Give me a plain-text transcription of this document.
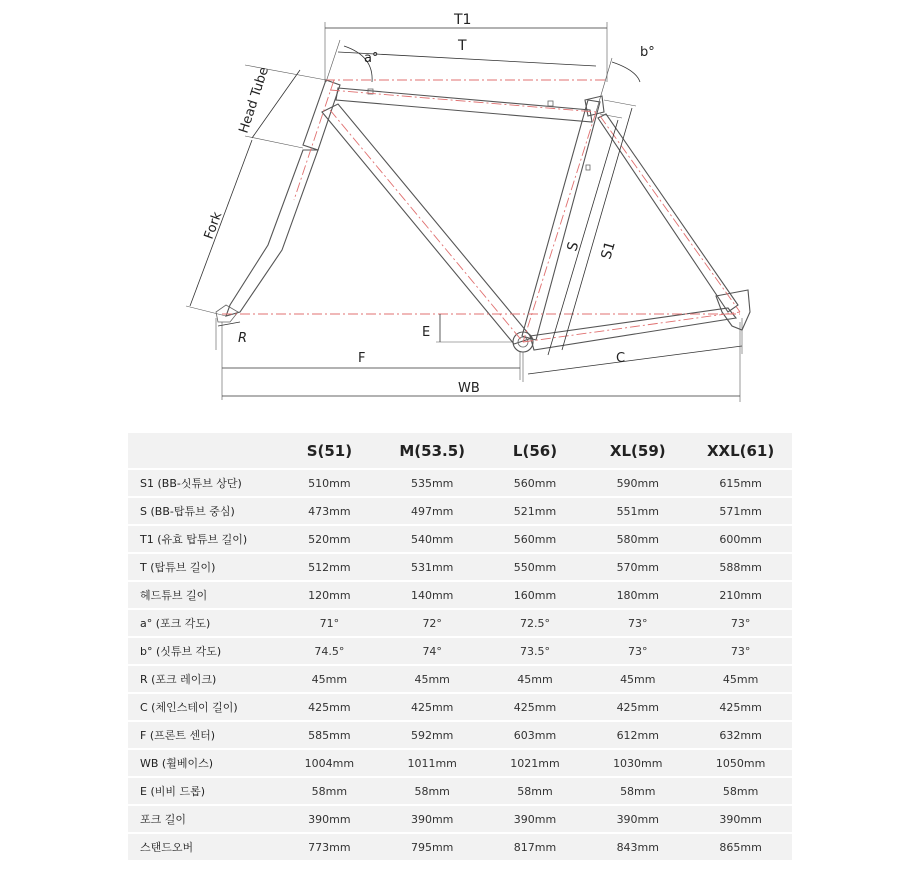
T1
T
a°	b°
Head Tube
Fork
S S1
R	E
F	C
WB
	S(51)	M(53.5)	L(56)	XL(59)	XXL(61)
S1 (BB-싯튜브 상단)	510mm	535mm	560mm	590mm	615mm
S (BB-탑튜브 중심)	473mm	497mm	521mm	551mm	571mm
T1 (유효 탑튜브 길이)	520mm	540mm	560mm	580mm	600mm
T (탑튜브 길이)	512mm	531mm	550mm	570mm	588mm
헤드튜브 길이	120mm	140mm	160mm	180mm	210mm
a° (포크 각도)	71°	72°	72.5°	73°	73°
b° (싯튜브 각도)	74.5°	74°	73.5°	73°	73°
R (포크 레이크)	45mm	45mm	45mm	45mm	45mm
C (체인스테이 길이)	425mm	425mm	425mm	425mm	425mm
F (프론트 센터)	585mm	592mm	603mm	612mm	632mm
WB (휠베이스)	1004mm	1011mm	1021mm	1030mm	1050mm
E (비비 드롭)	58mm	58mm	58mm	58mm	58mm
포크 길이	390mm	390mm	390mm	390mm	390mm
스탠드오버	773mm	795mm	817mm	843mm	865mm
